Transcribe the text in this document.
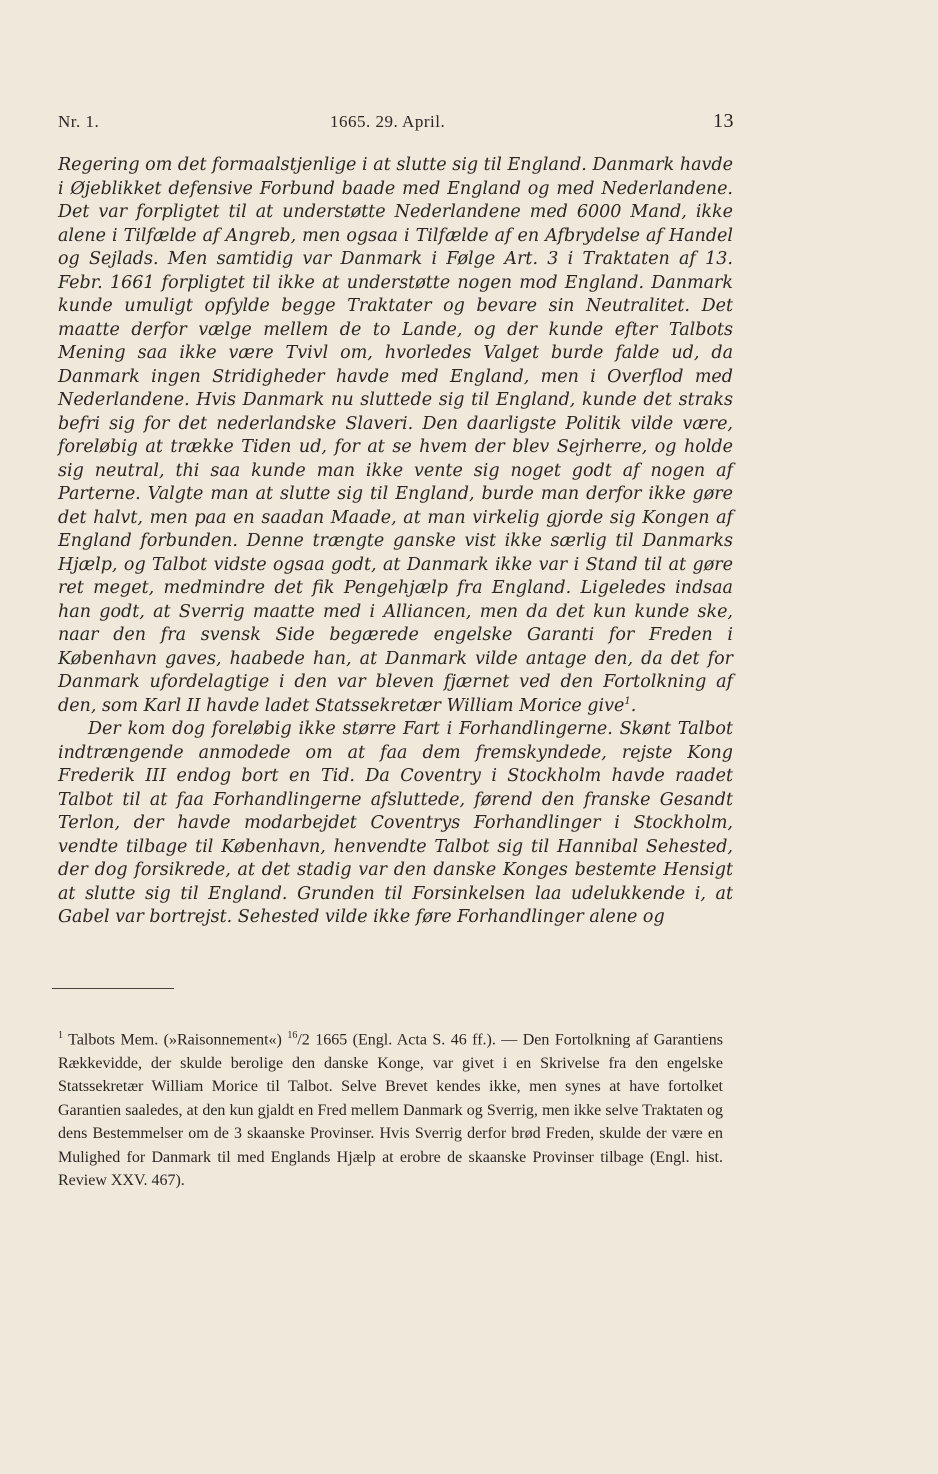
Nr. 1.	1665. 29. April.	13

Regering om det formaalstjenlige i at slutte sig til England. Danmark havde i Øjeblikket defensive Forbund baade med England og med Nederlandene. Det var forpligtet til at understøtte Nederlandene med 6000 Mand, ikke alene i Tilfælde af Angreb, men ogsaa i Tilfælde af en Afbrydelse af Handel og Sejlads. Men samtidig var Danmark i Følge Art. 3 i Traktaten af 13. Febr. 1661 forpligtet til ikke at understøtte nogen mod England. Danmark kunde umuligt opfylde begge Traktater og bevare sin Neutralitet. Det maatte derfor vælge mellem de to Lande, og der kunde efter Talbots Mening saa ikke være Tvivl om, hvorledes Valget burde falde ud, da Danmark ingen Stridigheder havde med England, men i Overflod med Nederlandene. Hvis Danmark nu sluttede sig til England, kunde det straks befri sig for det nederlandske Slaveri. Den daarligste Politik vilde være, foreløbig at trække Tiden ud, for at se hvem der blev Sejrherre, og holde sig neutral, thi saa kunde man ikke vente sig noget godt af nogen af Parterne. Valgte man at slutte sig til England, burde man derfor ikke gøre det halvt, men paa en saadan Maade, at man virkelig gjorde sig Kongen af England forbunden. Denne trængte ganske vist ikke særlig til Danmarks Hjælp, og Talbot vidste ogsaa godt, at Danmark ikke var i Stand til at gøre ret meget, medmindre det fik Pengehjælp fra England. Ligeledes indsaa han godt, at Sverrig maatte med i Alliancen, men da det kun kunde ske, naar den fra svensk Side begærede engelske Garanti for Freden i København gaves, haabede han, at Danmark vilde antage den, da det for Danmark ufordelagtige i den var bleven fjærnet ved den Fortolkning af den, som Karl II havde ladet Statssekretær William Morice give$^1$.

Der kom dog foreløbig ikke større Fart i Forhandlingerne. Skønt Talbot indtrængende anmodede om at faa dem fremskyndede, rejste Kong Frederik III endog bort en Tid. Da Coventry i Stockholm havde raadet Talbot til at faa Forhandlingerne afsluttede, førend den franske Gesandt Terlon, der havde modarbejdet Coventrys Forhandlinger i Stockholm, vendte tilbage til København, henvendte Talbot sig til Hannibal Sehested, der dog forsikrede, at det stadig var den danske Konges bestemte Hensigt at slutte sig til England. Grunden til Forsinkelsen laa udelukkende i, at Gabel var bortrejst. Sehested vilde ikke føre Forhandlinger alene og

$^1$ Talbots Mem. (»Raisonnement«) $^{16}$/2 1665 (Engl. Acta S. 46 ff.). — Den Fortolkning af Garantiens Rækkevidde, der skulde berolige den danske Konge, var givet i en Skrivelse fra den engelske Statssekretær William Morice til Talbot. Selve Brevet kendes ikke, men synes at have fortolket Garantien saaledes, at den kun gjaldt en Fred mellem Danmark og Sverrig, men ikke selve Traktaten og dens Bestemmelser om de 3 skaanske Provinser. Hvis Sverrig derfor brød Freden, skulde der være en Mulighed for Danmark til med Englands Hjælp at erobre de skaanske Provinser tilbage (Engl. hist. Review XXV. 467).
